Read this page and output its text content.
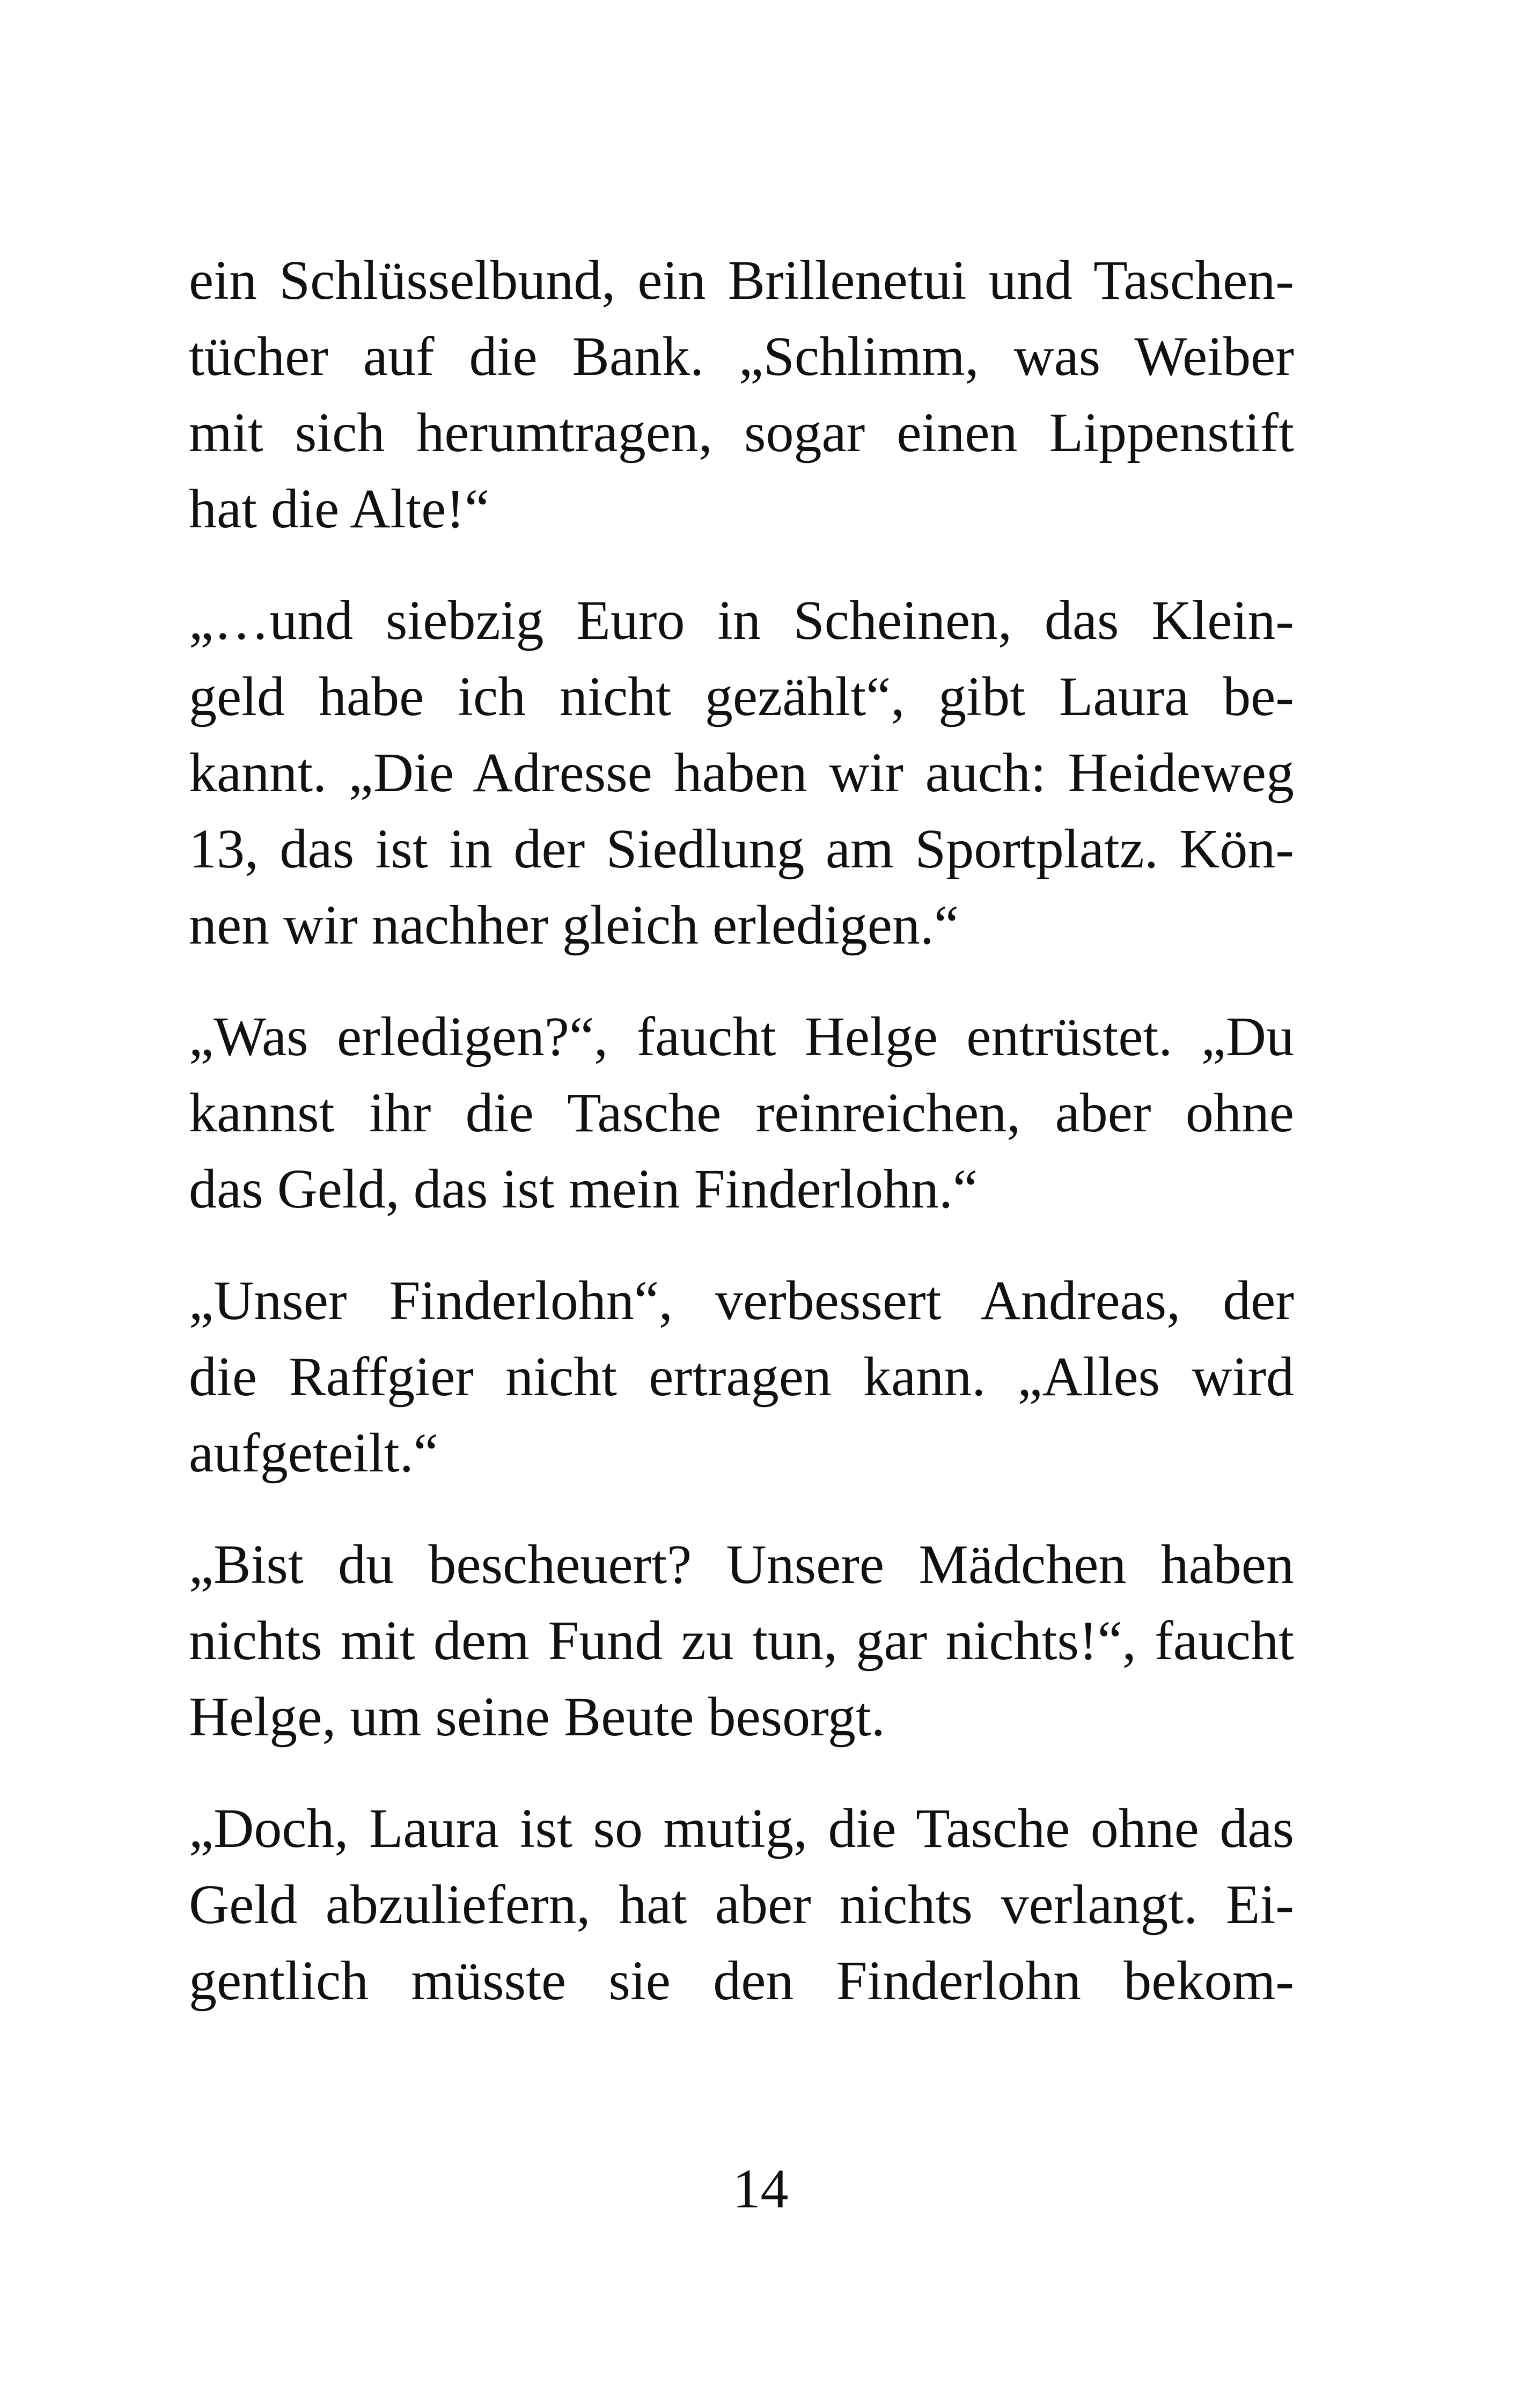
ein Schlüsselbund, ein Brillenetui und Taschen-
tücher auf die Bank. „Schlimm, was Weiber
mit sich herumtragen, sogar einen Lippenstift
hat die Alte!“
„…und siebzig Euro in Scheinen, das Klein-
geld habe ich nicht gezählt“, gibt Laura be-
kannt. „Die Adresse haben wir auch: Heideweg
13, das ist in der Siedlung am Sportplatz. Kön-
nen wir nachher gleich erledigen.“
„Was erledigen?“, faucht Helge entrüstet. „Du
kannst ihr die Tasche reinreichen, aber ohne
das Geld, das ist mein Finderlohn.“
„Unser Finderlohn“, verbessert Andreas, der
die Raffgier nicht ertragen kann. „Alles wird
aufgeteilt.“
„Bist du bescheuert? Unsere Mädchen haben
nichts mit dem Fund zu tun, gar nichts!“, faucht
Helge, um seine Beute besorgt.
„Doch, Laura ist so mutig, die Tasche ohne das
Geld abzuliefern, hat aber nichts verlangt. Ei-
gentlich müsste sie den Finderlohn bekom-
14
